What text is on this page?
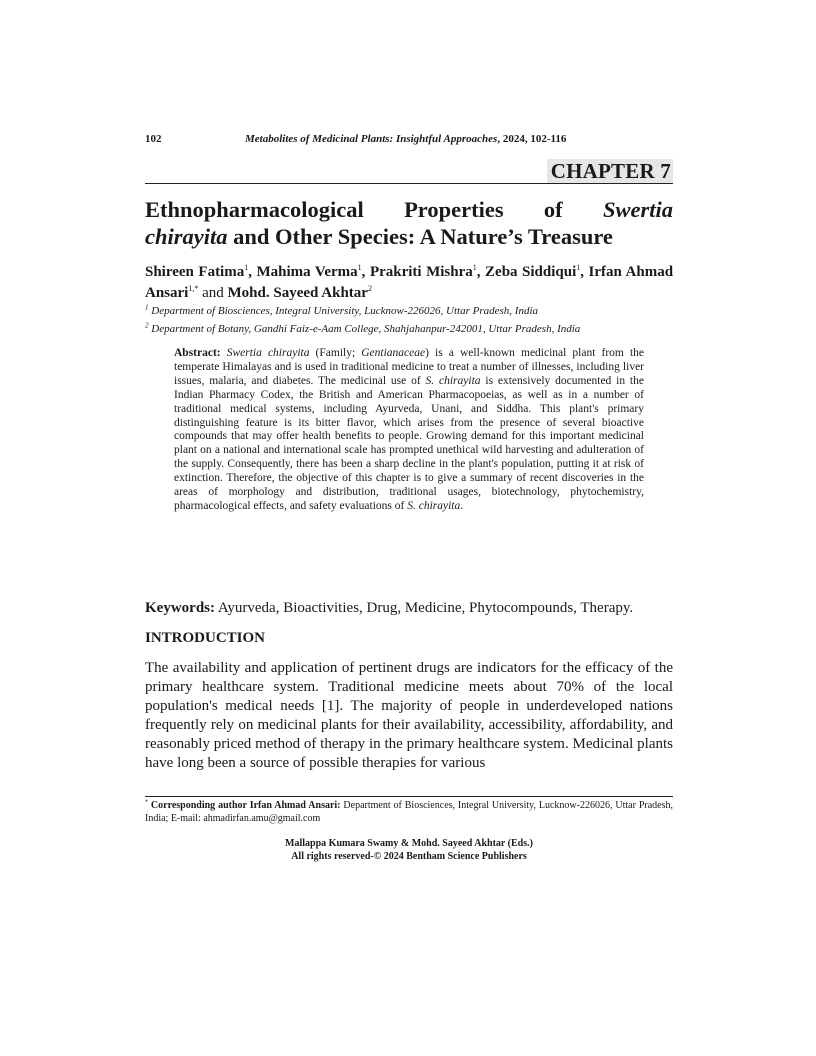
102	Metabolites of Medicinal Plants: Insightful Approaches, 2024, 102-116
CHAPTER 7
Ethnopharmacological Properties of Swertia
chirayita and Other Species: A Nature’s Treasure
Shireen Fatima$^1$, Mahima Verma$^1$, Prakriti Mishra$^1$, Zeba Siddiqui$^1$, Irfan Ahmad Ansari$^{1,*}$ and Mohd. Sayeed Akhtar$^2$
$^1$ Department of Biosciences, Integral University, Lucknow-226026, Uttar Pradesh, India
$^2$ Department of Botany, Gandhi Faiz-e-Aam College, Shahjahanpur-242001, Uttar Pradesh, India
Abstract: Swertia chirayita (Family; Gentianaceae) is a well-known medicinal plant from the temperate Himalayas and is used in traditional medicine to treat a number of illnesses, including liver issues, malaria, and diabetes. The medicinal use of S. chirayita is extensively documented in the Indian Pharmacy Codex, the British and American Pharmacopoeias, as well as in a number of traditional medical systems, including Ayurveda, Unani, and Siddha. This plant's primary distinguishing feature is its bitter flavor, which arises from the presence of several bioactive compounds that may offer health benefits to people. Growing demand for this important medicinal plant on a national and international scale has prompted unethical wild harvesting and adulteration of the supply. Consequently, there has been a sharp decline in the plant's population, putting it at risk of extinction. Therefore, the objective of this chapter is to give a summary of recent discoveries in the areas of morphology and distribution, traditional usages, biotechnology, phytochemistry, pharmacological effects, and safety evaluations of S. chirayita.
Keywords: Ayurveda, Bioactivities, Drug, Medicine, Phytocompounds, Therapy.
INTRODUCTION
The availability and application of pertinent drugs are indicators for the efficacy of the primary healthcare system. Traditional medicine meets about 70% of the local population's medical needs [1]. The majority of people in underdeveloped nations frequently rely on medicinal plants for their availability, accessibility, affordability, and reasonably priced method of therapy in the primary healthcare system. Medicinal plants have long been a source of possible therapies for various
* Corresponding author Irfan Ahmad Ansari: Department of Biosciences, Integral University, Lucknow-226026, Uttar Pradesh, India; E-mail: ahmadirfan.amu@gmail.com
Mallappa Kumara Swamy & Mohd. Sayeed Akhtar (Eds.)
All rights reserved-© 2024 Bentham Science Publishers
